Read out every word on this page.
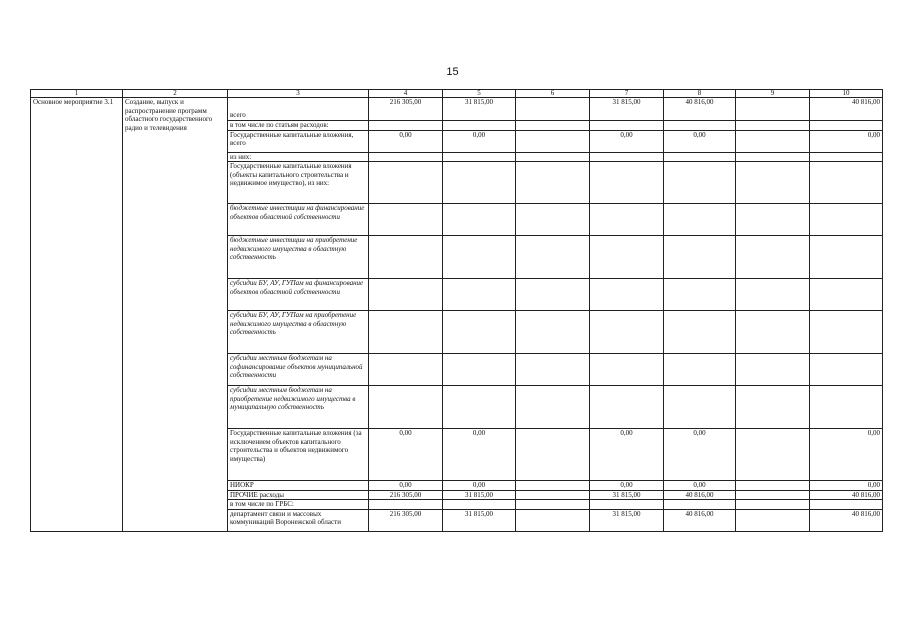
15
1	2	3	4	5	6	7	8	9	10
Основное мероприятие 3.1	Создание, выпуск и распространение программ областного государственного радио и телевидения	всего	216 305,00	31 815,00		31 815,00	40 816,00		40 816,00
		в том числе по статьям расходов:							
		Государственные капитальные вложения, всего	0,00	0,00		0,00	0,00		0,00
		из них:							
		Государственные капитальные вложения (объекты капитального строительства и недвижимое имущество), из них:							
		бюджетные инвестиции на финансирование объектов областной собственности							
		бюджетные инвестиции на приобретение недвижимого имущества в областную собственность							
		субсидии БУ, АУ, ГУПам на финансирование объектов областной собственности							
		субсидии БУ, АУ, ГУПам на приобретение недвижимого имущества в областную собственность							
		субсидии местным бюджетам на софинансирование объектов муниципальной собственности							
		субсидии местным бюджетам на приобретение недвижимого имущества в муниципальную собственность							
		Государственные капитальные вложения (за исключением объектов капитального строительства и объектов недвижимого имущества)	0,00	0,00		0,00	0,00		0,00
		НИОКР	0,00	0,00		0,00	0,00		0,00
		ПРОЧИЕ расходы	216 305,00	31 815,00		31 815,00	40 816,00		40 816,00
		в том числе по ГРБС:							
		департамент связи и массовых коммуникаций Воронежской области	216 305,00	31 815,00		31 815,00	40 816,00		40 816,00
